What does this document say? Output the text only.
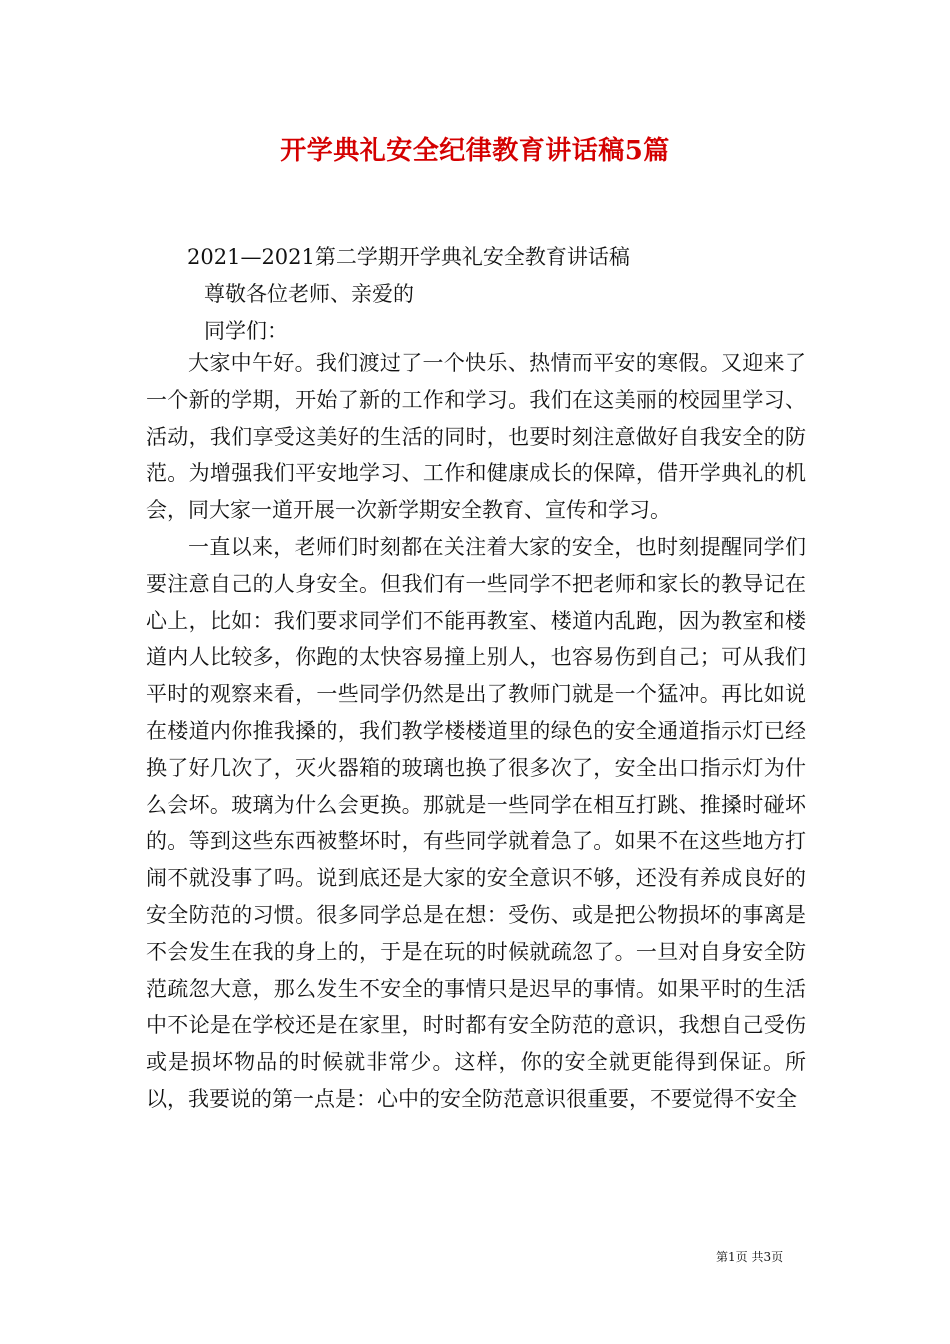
开学典礼安全纪律教育讲话稿5篇
2021—2021第二学期开学典礼安全教育讲话稿
尊敬各位老师、亲爱的
同学们：

大家中午好。我们渡过了一个快乐、热情而平安的寒假。又迎来了一个新的学期，开始了新的工作和学习。我们在这美丽的校园里学习、活动，我们享受这美好的生活的同时，也要时刻注意做好自我安全的防范。为增强我们平安地学习、工作和健康成长的保障，借开学典礼的机会，同大家一道开展一次新学期安全教育、宣传和学习。

一直以来，老师们时刻都在关注着大家的安全，也时刻提醒同学们要注意自己的人身安全。但我们有一些同学不把老师和家长的教导记在心上，比如：我们要求同学们不能再教室、楼道内乱跑，因为教室和楼道内人比较多，你跑的太快容易撞上别人，也容易伤到自己；可从我们平时的观察来看，一些同学仍然是出了教师门就是一个猛冲。再比如说在楼道内你推我搡的，我们教学楼楼道里的绿色的安全通道指示灯已经换了好几次了，灭火器箱的玻璃也换了很多次了，安全出口指示灯为什么会坏。玻璃为什么会更换。那就是一些同学在相互打跳、推搡时碰坏的。等到这些东西被整坏时，有些同学就着急了。如果不在这些地方打闹不就没事了吗。说到底还是大家的安全意识不够，还没有养成良好的安全防范的习惯。很多同学总是在想：受伤、或是把公物损坏的事离是不会发生在我的身上的，于是在玩的时候就疏忽了。一旦对自身安全防范疏忽大意，那么发生不安全的事情只是迟早的事情。如果平时的生活中不论是在学校还是在家里，时时都有安全防范的意识，我想自己受伤或是损坏物品的时候就非常少。这样，你的安全就更能得到保证。所以，我要说的第一点是：心中的安全防范意识很重要，不要觉得不安全

第1页 共3页
